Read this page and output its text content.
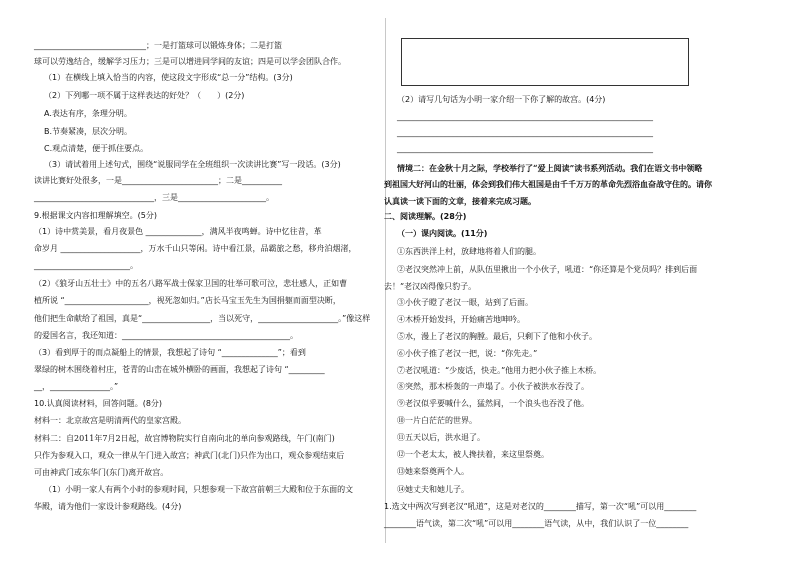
____________________________；一是打篮球可以锻炼身体；二是打篮
球可以劳逸结合，缓解学习压力；三是可以增进同学间的友谊；四是可以学会团队合作。
（1）在横线上填入恰当的内容，使这段文字形成“总一分”结构。(3分)
（2）下列哪一项不属于这样表达的好处？（　　）(2分)
A.表达有序，条理分明。
B.节奏紧凑，层次分明。
C.观点清楚，便于抓住要点。
（3）请试着用上述句式，围绕“说服同学在全班组织一次读讲比赛”写一段话。(3分)
读讲比赛好处很多，一是________________________；二是__________
______________________________，三是______________________。
9.根据课文内容扣理解填空。(5分)
（1）诗中赏美景，看月夜景色 ______________，满风半夜鸣蝉。诗中忆往昔，革
命岁月 ____________________，万水千山只等闲。诗中看江景，品霸旅之愁，移舟泊烟渚，
________________________。
（2）《狼牙山五壮士》中的五名八路军战士保家卫国的壮举可歌可泣，悲壮感人，正如曹
植所说 “_____________________，视死忽如归。”店长马宝玉先生为国捐躯而面型决断，
他们把生命献给了祖国，真是“_________________，当以死守，____________________。”像这样
的爱国名言，我还知道：__________________________________________。
（3）看到厚于的而点凝船上的情景，我想起了诗句 “______________”；看到
翠绿的树木围绕着村庄，苍青的山峦在城外横卧的画面，我想起了诗句 “_________
__，_______________。”
10.认真阅读材料，回答问题。(8分)
材料一：北京故宫是明清两代的皇家宫殿。
材料二：自2011年7月2日起，故宫博物院实行自南向北的单向参观路线，午门(南门)
只作为参观入口，观众一律从午门进入故宫；神武门(北门)只作为出口，观众参观结束后
可由神武门或东华门(东门)离开故宫。
（1）小明一家人有两个小时的参观时间，只想参观一下故宫前朝三大殿和位于东面的文
华殿，请为他们一家设计参观路线。(4分)
（2）请写几句话为小明一家介绍一下你了解的故宫。(4分)
________________________________________________________________
________________________________________________________________
________________________________________________________________
情境二：在金秋十月之际，学校举行了“爱上阅读”读书系列活动。我们在语文书中领略
到祖国大好河山的壮丽，体会到我们伟大祖国是由千千万万的革命先烈浴血奋战守住的。请你
认真读一读下面的文章，接着来完成习题。
二、阅读理解。(28分)
（一）课内阅读。(11分)
①东西洪洋上村，放肆地将着人们的腿。
②老汉突然冲上前，从队伍里揪出一个小伙子，吼道：“你还算是个党员吗？排到后面
去！”老汉凶得像只豹子。
③小伙子瞪了老汉一眼，站到了后面。
④木桥开始发抖，开始痛苦地呻吟。
⑤水，漫上了老汉的胸膛。最后，只剩下了他和小伙子。
⑥小伙子推了老汉一把，说：“你先走。”
⑦老汉吼道：“少废话，快走。”他用力把小伙子推上木桥。
⑧突然，那木桥轰的一声塌了。小伙子被洪水吞没了。
⑨老汉似乎要喊什么，猛然间，一个浪头也吞没了他。
⑩一片白茫茫的世界。
⑪五天以后，洪水退了。
⑫一个老太太，被人搀扶着，来这里祭奠。
⑬她来祭奠两个人。
⑭她丈夫和她儿子。
1.选文中两次写到老汉“吼道”，这是对老汉的________描写，第一次“吼”可以用________
________语气读，第二次“吼”可以用________语气读，从中，我们认识了一位________
